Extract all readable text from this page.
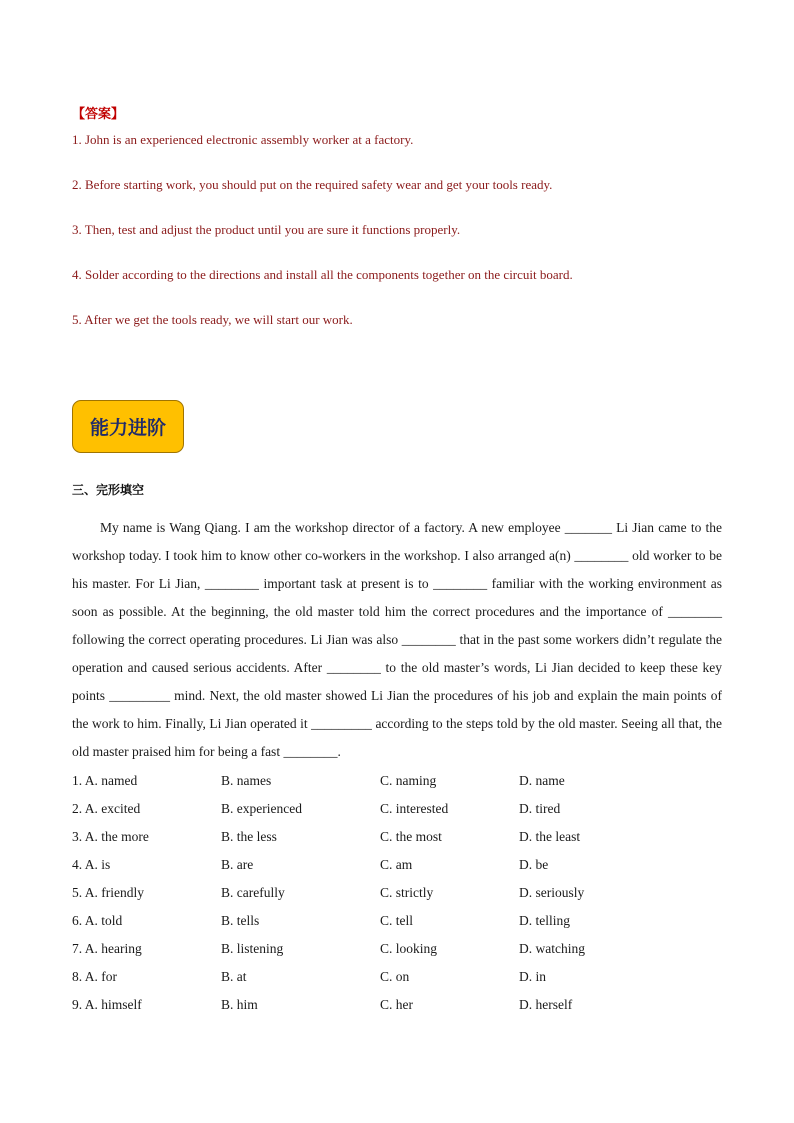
【答案】
1. John is an experienced electronic assembly worker at a factory.
2. Before starting work, you should put on the required safety wear and get your tools ready.
3. Then, test and adjust the product until you are sure it functions properly.
4. Solder according to the directions and install all the components together on the circuit board.
5. After we get the tools ready, we will start our work.
能力进阶
三、完形填空

My name is Wang Qiang. I am the workshop director of a factory. A new employee _______ Li Jian came to the workshop today. I took him to know other co-workers in the workshop. I also arranged a(n) ________ old worker to be his master. For Li Jian, ________ important task at present is to ________ familiar with the working environment as soon as possible. At the beginning, the old master told him the correct procedures and the importance of ________ following the correct operating procedures. Li Jian was also ________ that in the past some workers didn’t regulate the operation and caused serious accidents. After ________ to the old master’s words, Li Jian decided to keep these key points _________ mind. Next, the old master showed Li Jian the procedures of his job and explain the main points of the work to him. Finally, Li Jian operated it _________ according to the steps told by the old master. Seeing all that, the old master praised him for being a fast ________.

1. A. named	B. names	C. naming	D. name
2. A. excited	B. experienced	C. interested	D. tired
3. A. the more	B. the less	C. the most	D. the least
4. A. is	B. are	C. am	D. be
5. A. friendly	B. carefully	C. strictly	D. seriously
6. A. told	B. tells	C. tell	D. telling
7. A. hearing	B. listening	C. looking	D. watching
8. A. for	B. at	C. on	D. in
9. A. himself	B. him	C. her	D. herself
